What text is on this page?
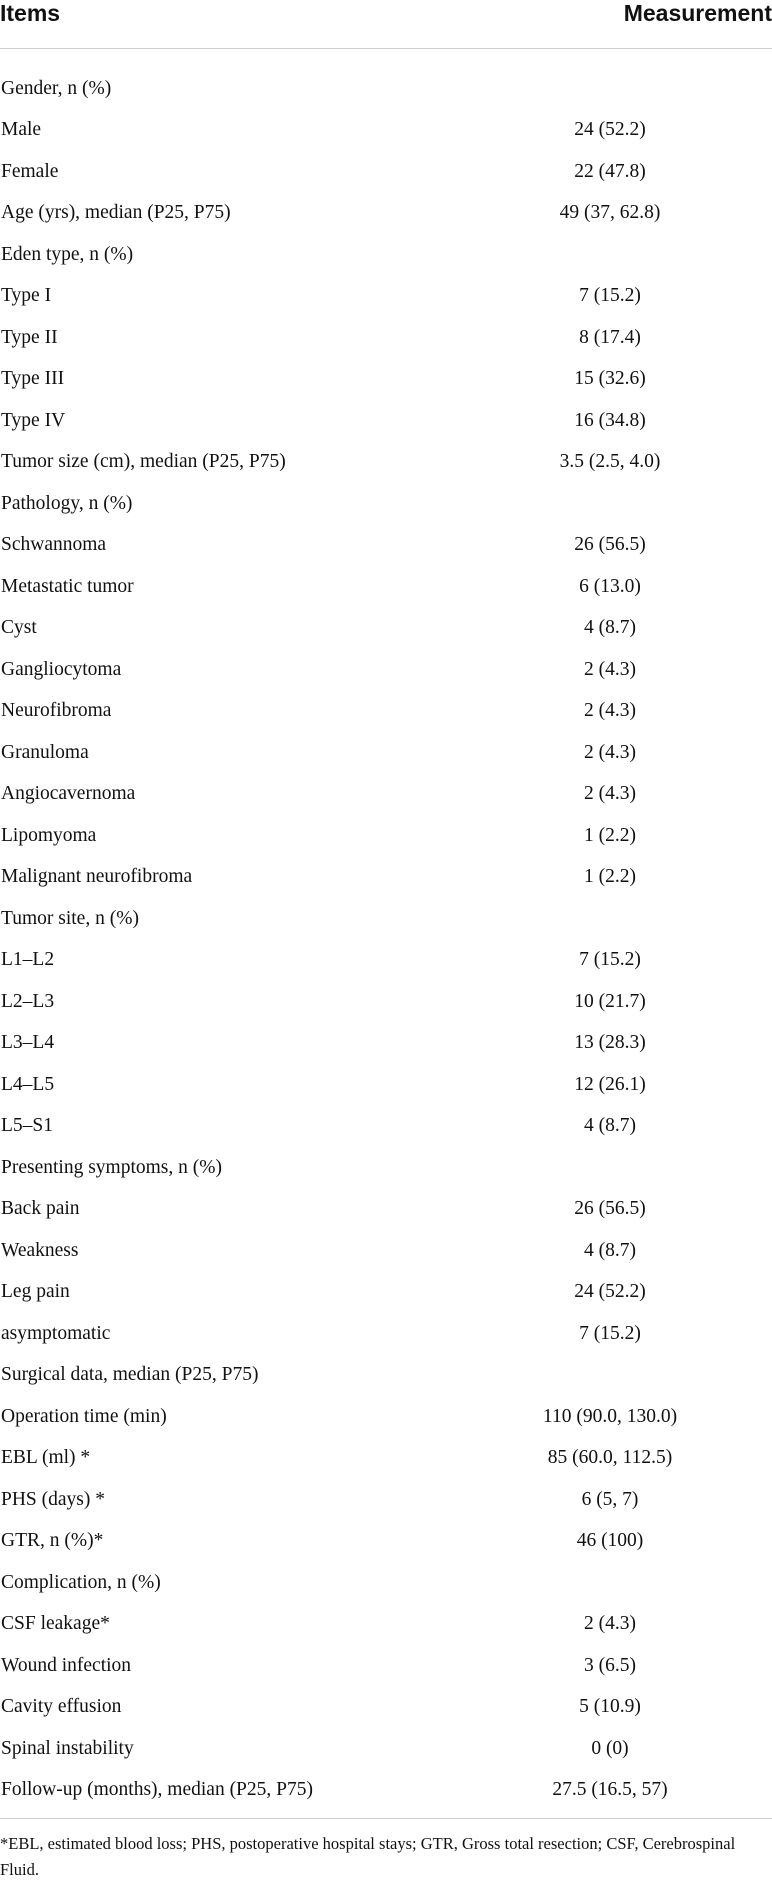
Items	Measurement
Gender, n (%)
Male	24 (52.2)
Female	22 (47.8)
Age (yrs), median (P25, P75)	49 (37, 62.8)
Eden type, n (%)
Type I	7 (15.2)
Type II	8 (17.4)
Type III	15 (32.6)
Type IV	16 (34.8)
Tumor size (cm), median (P25, P75)	3.5 (2.5, 4.0)
Pathology, n (%)
Schwannoma	26 (56.5)
Metastatic tumor	6 (13.0)
Cyst	4 (8.7)
Gangliocytoma	2 (4.3)
Neurofibroma	2 (4.3)
Granuloma	2 (4.3)
Angiocavernoma	2 (4.3)
Lipomyoma	1 (2.2)
Malignant neurofibroma	1 (2.2)
Tumor site, n (%)
L1–L2	7 (15.2)
L2–L3	10 (21.7)
L3–L4	13 (28.3)
L4–L5	12 (26.1)
L5–S1	4 (8.7)
Presenting symptoms, n (%)
Back pain	26 (56.5)
Weakness	4 (8.7)
Leg pain	24 (52.2)
asymptomatic	7 (15.2)
Surgical data, median (P25, P75)
Operation time (min)	110 (90.0, 130.0)
EBL (ml) *	85 (60.0, 112.5)
PHS (days) *	6 (5, 7)
GTR, n (%)*	46 (100)
Complication, n (%)
CSF leakage*	2 (4.3)
Wound infection	3 (6.5)
Cavity effusion	5 (10.9)
Spinal instability	0 (0)
Follow-up (months), median (P25, P75)	27.5 (16.5, 57)
*EBL, estimated blood loss; PHS, postoperative hospital stays; GTR, Gross total resection; CSF, Cerebrospinal Fluid.
